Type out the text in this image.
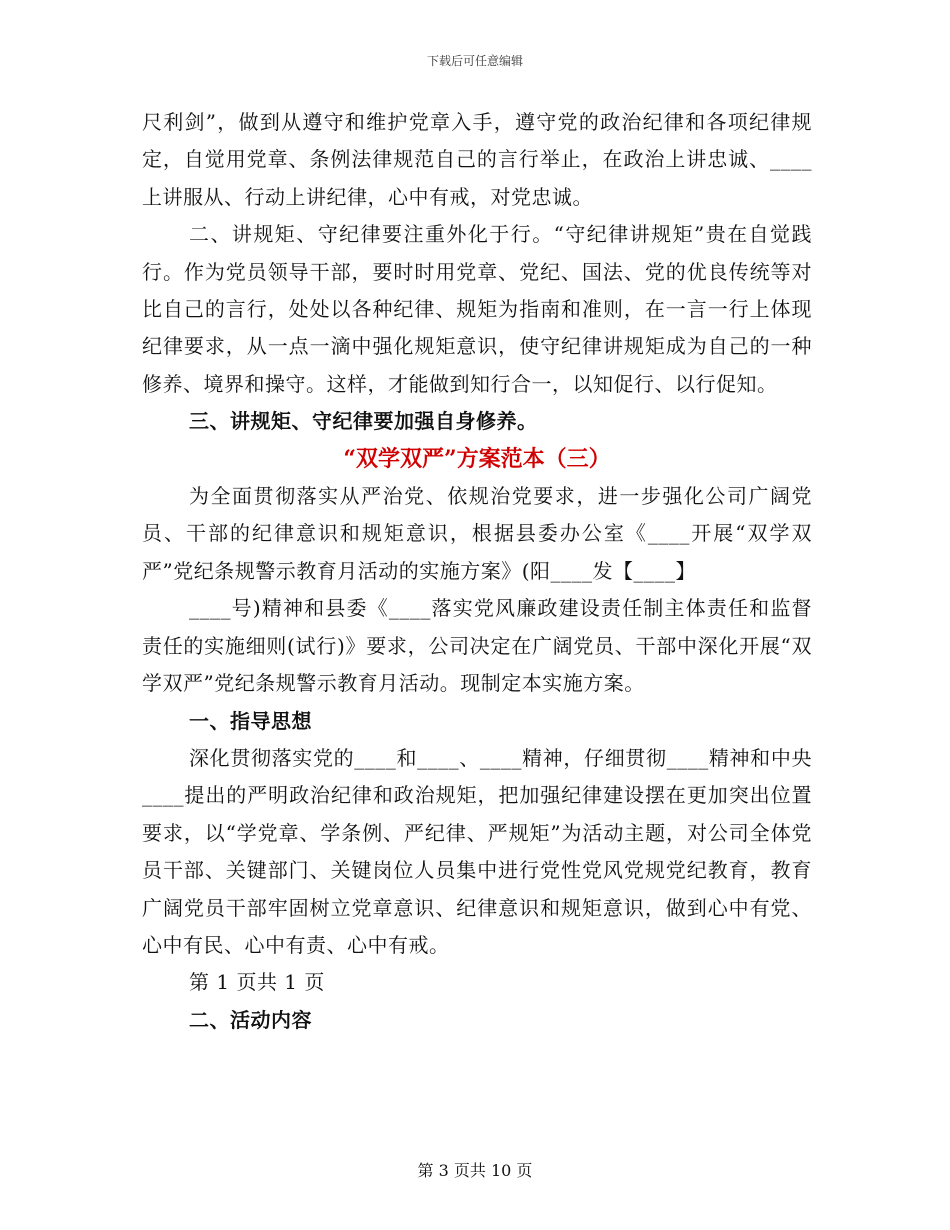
下载后可任意编辑

尺利剑”，做到从遵守和维护党章入手，遵守党的政治纪律和各项纪律规定，自觉用党章、条例法律规范自己的言行举止，在政治上讲忠诚、____上讲服从、行动上讲纪律，心中有戒，对党忠诚。

二、讲规矩、守纪律要注重外化于行。“守纪律讲规矩”贵在自觉践行。作为党员领导干部，要时时用党章、党纪、国法、党的优良传统等对比自己的言行，处处以各种纪律、规矩为指南和准则，在一言一行上体现纪律要求，从一点一滴中强化规矩意识，使守纪律讲规矩成为自己的一种修养、境界和操守。这样，才能做到知行合一，以知促行、以行促知。

三、讲规矩、守纪律要加强自身修养。

“双学双严”方案范本（三）

为全面贯彻落实从严治党、依规治党要求，进一步强化公司广阔党员、干部的纪律意识和规矩意识，根据县委办公室《____开展“双学双严”党纪条规警示教育月活动的实施方案》(阳____发【____】

____号)精神和县委《____落实党风廉政建设责任制主体责任和监督责任的实施细则(试行)》要求，公司决定在广阔党员、干部中深化开展“双学双严”党纪条规警示教育月活动。现制定本实施方案。

一、指导思想

深化贯彻落实党的____和____、____精神，仔细贯彻____精神和中央____提出的严明政治纪律和政治规矩，把加强纪律建设摆在更加突出位置要求，以“学党章、学条例、严纪律、严规矩”为活动主题，对公司全体党员干部、关键部门、关键岗位人员集中进行党性党风党规党纪教育，教育广阔党员干部牢固树立党章意识、纪律意识和规矩意识，做到心中有党、心中有民、心中有责、心中有戒。

第 1 页共 1 页

二、活动内容

第 3 页共 10 页
